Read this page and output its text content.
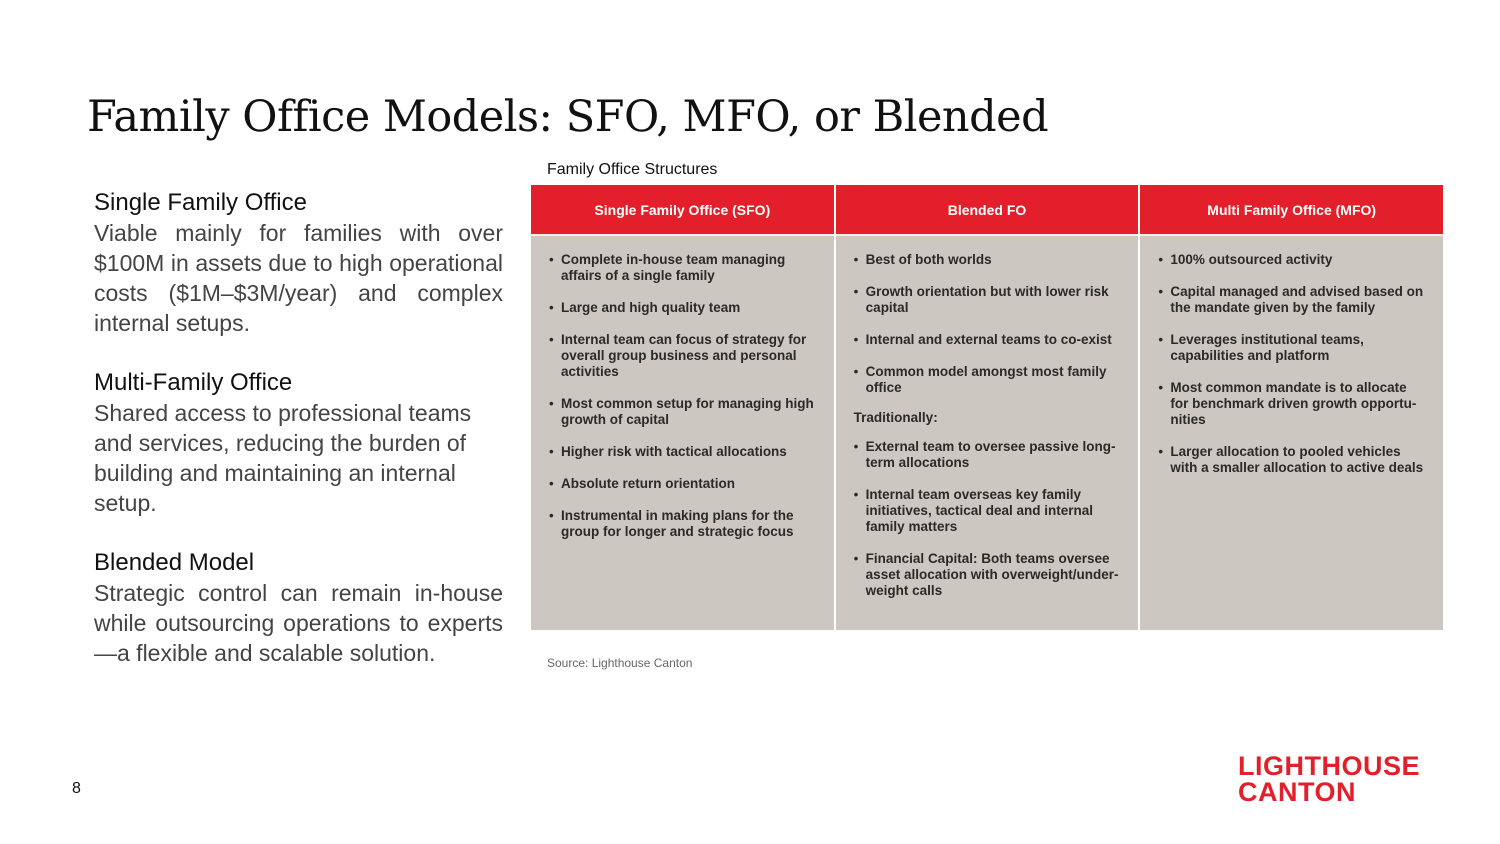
Family Office Models: SFO, MFO, or Blended
Single Family Office
Viable mainly for families with over $100M in assets due to high operational costs ($1M–$3M/year) and complex internal setups.
Multi-Family Office
Shared access to professional teams and services, reducing the burden of building and maintaining an internal setup.
Blended Model
Strategic control can remain in-house while outsourcing operations to experts —a flexible and scalable solution.
Family Office Structures
Single Family Office (SFO)
• Complete in-house team managing affairs of a single family
• Large and high quality team
• Internal team can focus of strategy for overall group business and personal activities
• Most common setup for managing high growth of capital
• Higher risk with tactical allocations
• Absolute return orientation
• Instrumental in making plans for the group for longer and strategic focus
Blended FO
• Best of both worlds
• Growth orientation but with lower risk capital
• Internal and external teams to co-exist
• Common model amongst most family office
Traditionally:
• External team to oversee passive long-term allocations
• Internal team overseas key family initiatives, tactical deal and internal family matters
• Financial Capital: Both teams oversee asset allocation with overweight/under-weight calls
Multi Family Office (MFO)
• 100% outsourced activity
• Capital managed and advised based on the mandate given by the family
• Leverages institutional teams, capabilities and platform
• Most common mandate is to allocate for benchmark driven growth opportu-nities
• Larger allocation to pooled vehicles with a smaller allocation to active deals
Source: Lighthouse Canton
8
LIGHTHOUSE
CANTON
